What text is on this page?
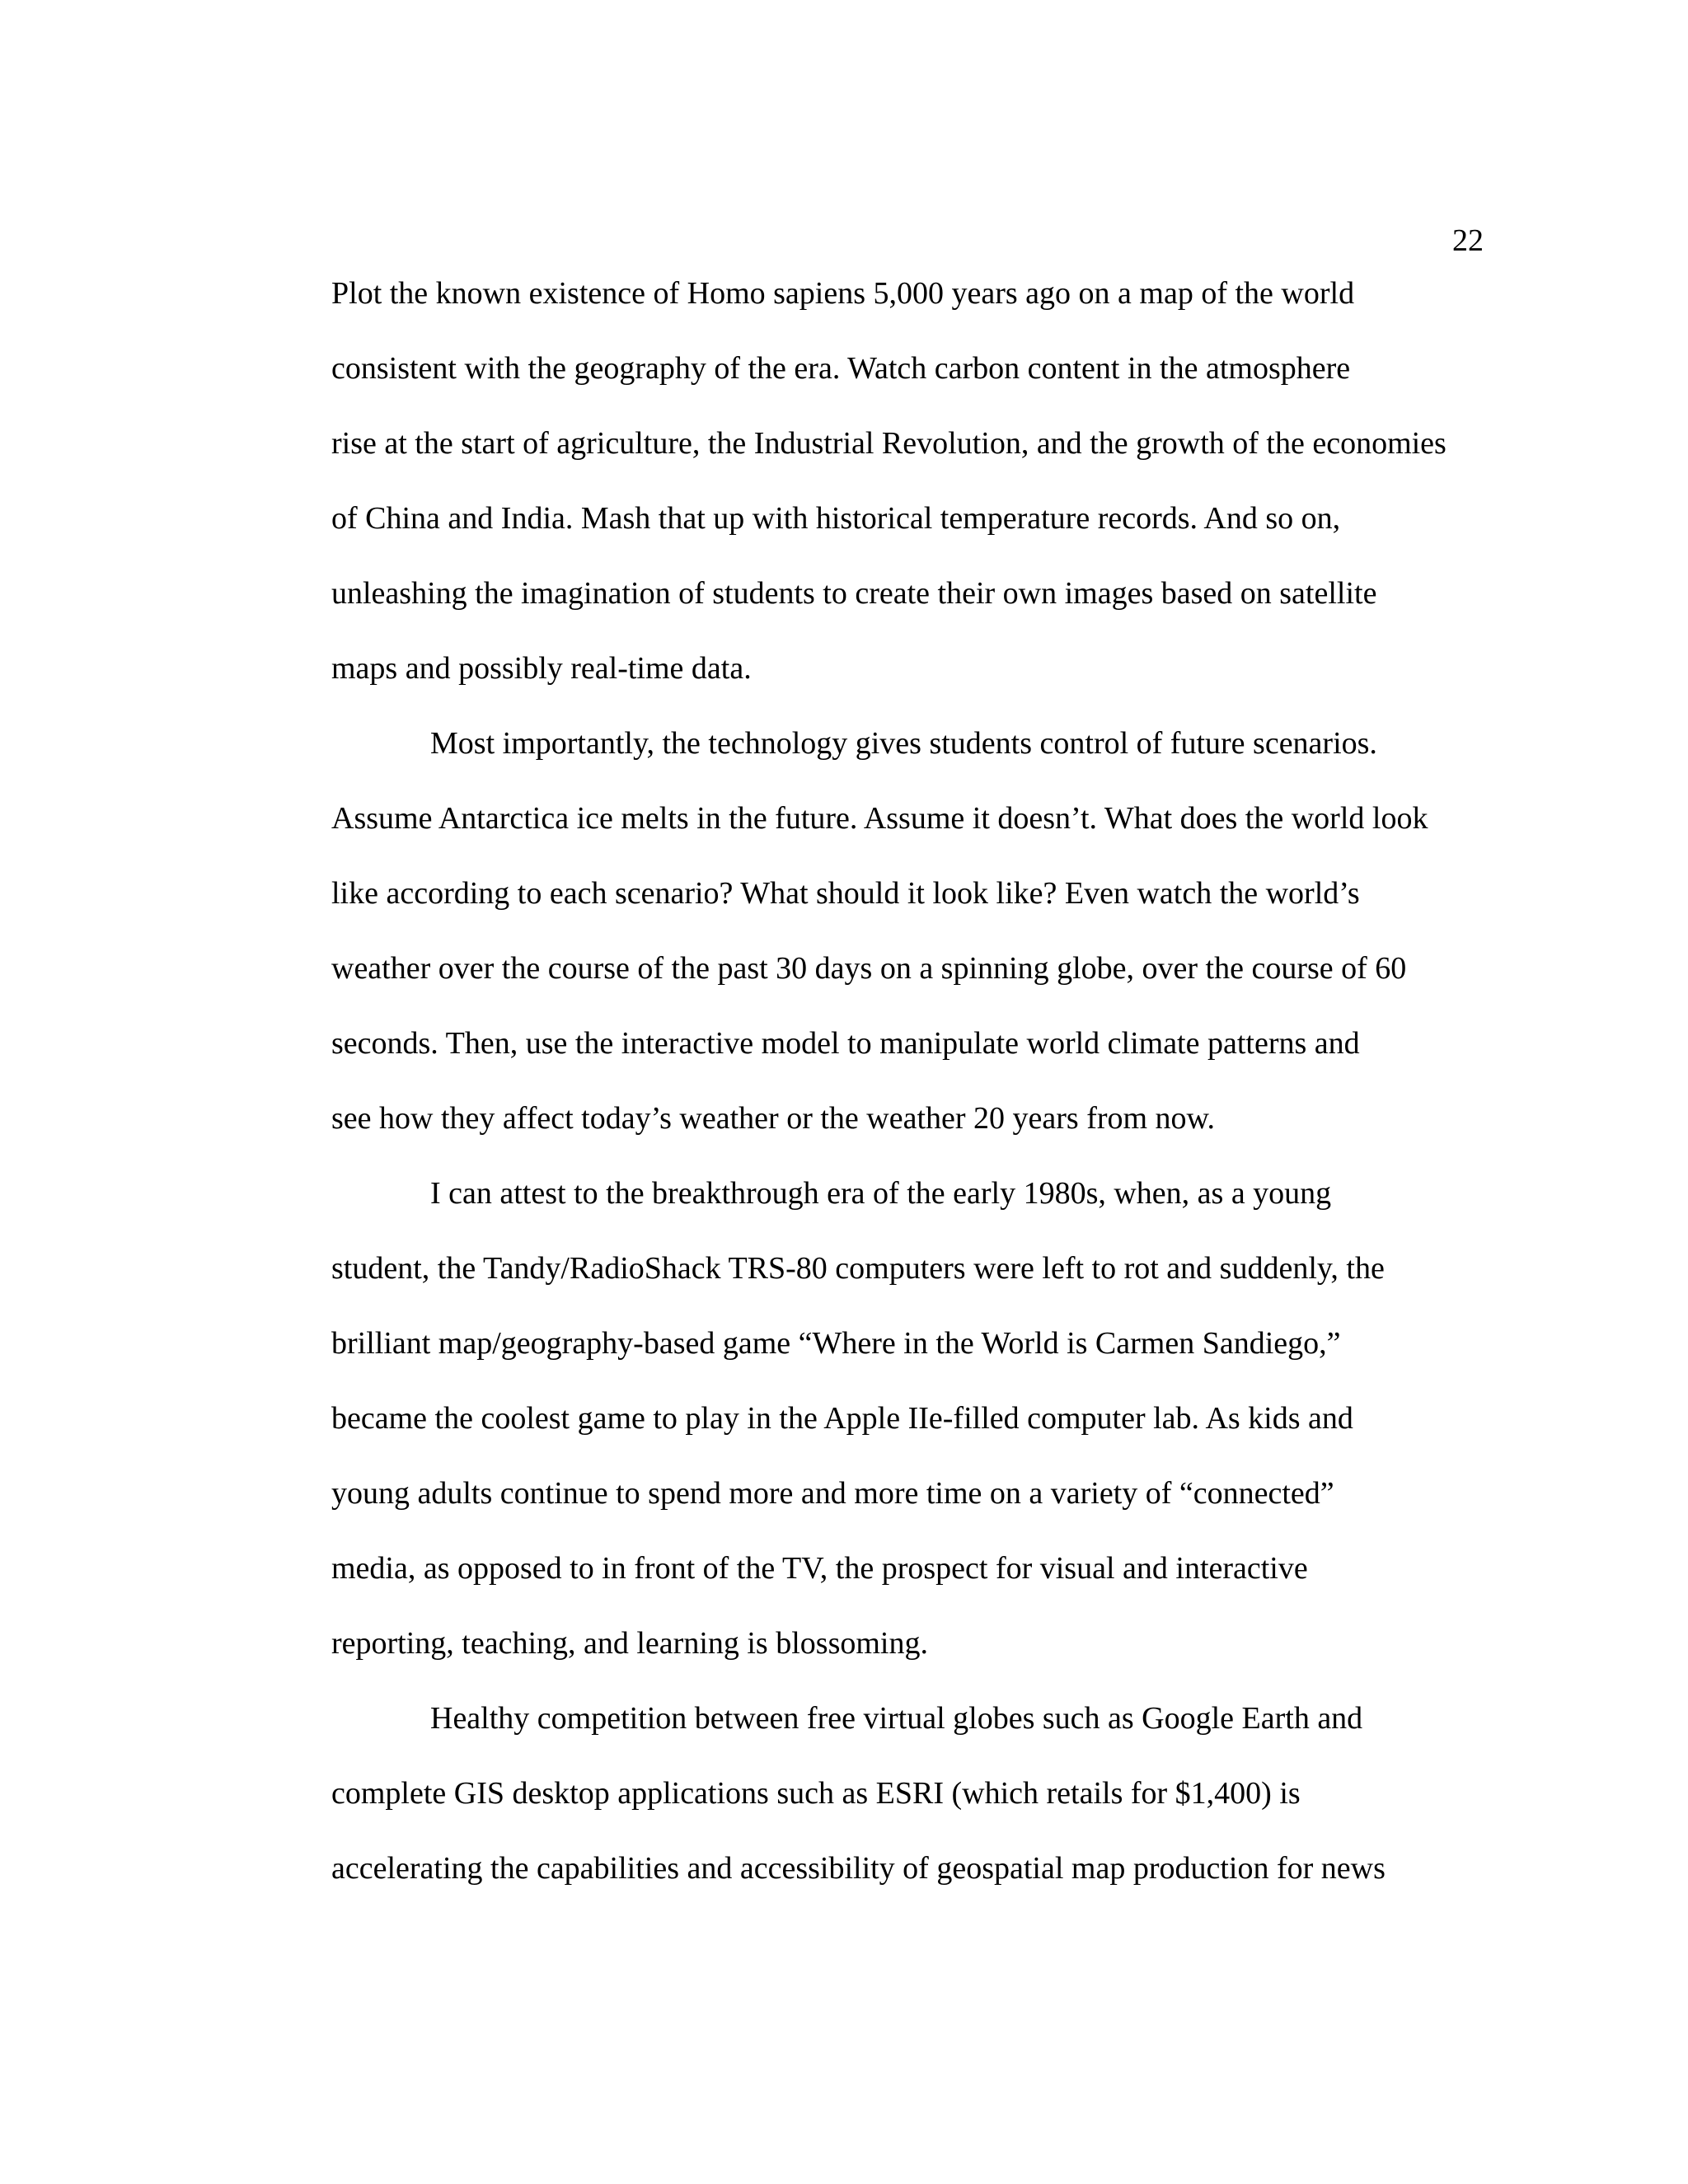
22
Plot the known existence of Homo sapiens 5,000 years ago on a map of the world
consistent with the geography of the era. Watch carbon content in the atmosphere
rise at the start of agriculture, the Industrial Revolution, and the growth of the economies
of China and India. Mash that up with historical temperature records. And so on,
unleashing the imagination of students to create their own images based on satellite
maps and possibly real-time data.
Most importantly, the technology gives students control of future scenarios.
Assume Antarctica ice melts in the future. Assume it doesn’t. What does the world look
like according to each scenario? What should it look like? Even watch the world’s
weather over the course of the past 30 days on a spinning globe, over the course of 60
seconds. Then, use the interactive model to manipulate world climate patterns and
see how they affect today’s weather or the weather 20 years from now.
I can attest to the breakthrough era of the early 1980s, when, as a young
student, the Tandy/RadioShack TRS-80 computers were left to rot and suddenly, the
brilliant map/geography-based game “Where in the World is Carmen Sandiego,”
became the coolest game to play in the Apple IIe-filled computer lab. As kids and
young adults continue to spend more and more time on a variety of “connected”
media, as opposed to in front of the TV, the prospect for visual and interactive
reporting, teaching, and learning is blossoming.
Healthy competition between free virtual globes such as Google Earth and
complete GIS desktop applications such as ESRI (which retails for $1,400) is
accelerating the capabilities and accessibility of geospatial map production for news
